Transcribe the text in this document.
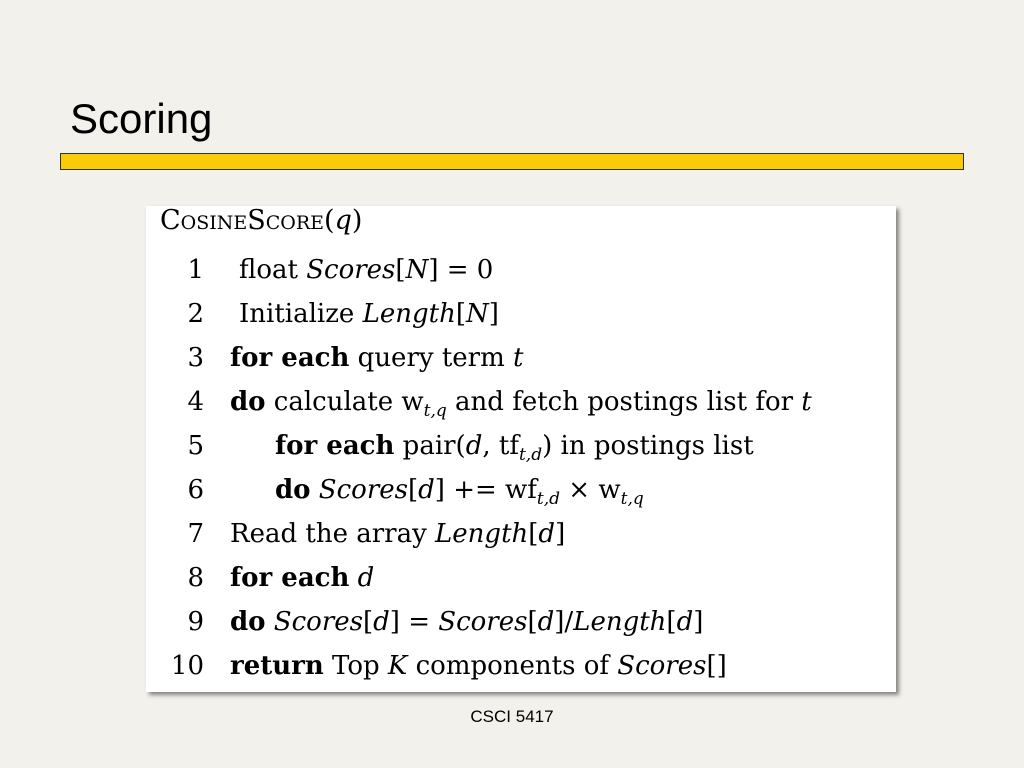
Scoring
CosineScore(q)
1 float Scores[N] = 0
2 Initialize Length[N]
3 for each query term t
4 do calculate $w_{t,q}$ and fetch postings list for t
5	for each pair(d, $tf_{t,d}$) in postings list
6	do Scores[d] += $wf_{t,d} \times w_{t,q}$
7 Read the array Length[d]
8 for each d
9 do Scores[d] = Scores[d]/Length[d]
10 return Top K components of Scores[]
CSCI 5417
